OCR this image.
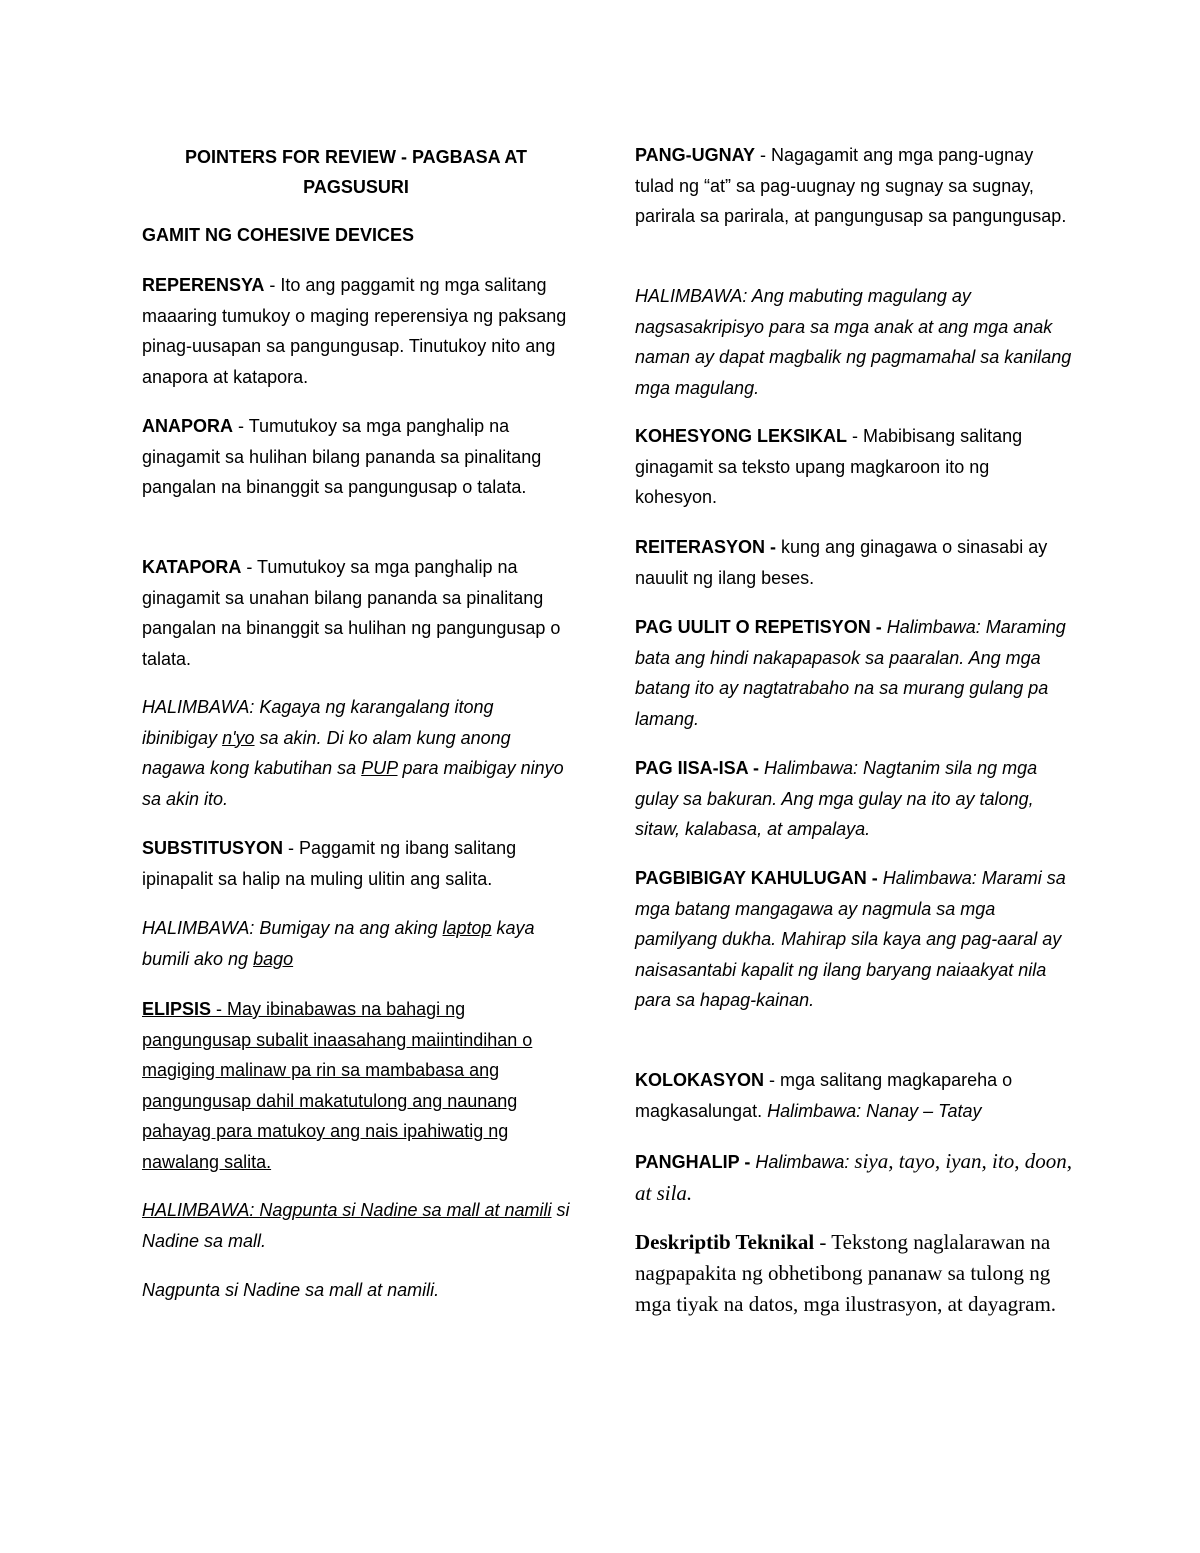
POINTERS FOR REVIEW - PAGBASA AT PAGSUSURI

GAMIT NG COHESIVE DEVICES

REPERENSYA - Ito ang paggamit ng mga salitang maaaring tumukoy o maging reperensiya ng paksang pinag-uusapan sa pangungusap. Tinutukoy nito ang anapora at katapora.

ANAPORA - Tumutukoy sa mga panghalip na ginagamit sa hulihan bilang pananda sa pinalitang pangalan na binanggit sa pangungusap o talata.

KATAPORA - Tumutukoy sa mga panghalip na ginagamit sa unahan bilang pananda sa pinalitang pangalan na binanggit sa hulihan ng pangungusap o talata.

HALIMBAWA: Kagaya ng karangalang itong ibinibigay n'yo sa akin. Di ko alam kung anong nagawa kong kabutihan sa PUP para maibigay ninyo sa akin ito.

SUBSTITUSYON - Paggamit ng ibang salitang ipinapalit sa halip na muling ulitin ang salita.

HALIMBAWA: Bumigay na ang aking laptop kaya bumili ako ng bago

ELIPSIS - May ibinabawas na bahagi ng pangungusap subalit inaasahang maiintindihan o magiging malinaw pa rin sa mambabasa ang pangungusap dahil makatutulong ang naunang pahayag para matukoy ang nais ipahiwatig ng nawalang salita.

HALIMBAWA: Nagpunta si Nadine sa mall at namili si Nadine sa mall.

Nagpunta si Nadine sa mall at namili.

PANG-UGNAY - Nagagamit ang mga pang-ugnay tulad ng “at” sa pag-uugnay ng sugnay sa sugnay, parirala sa parirala, at pangungusap sa pangungusap.

HALIMBAWA: Ang mabuting magulang ay nagsasakripisyo para sa mga anak at ang mga anak naman ay dapat magbalik ng pagmamahal sa kanilang mga magulang.

KOHESYONG LEKSIKAL - Mabibisang salitang ginagamit sa teksto upang magkaroon ito ng kohesyon.

REITERASYON - kung ang ginagawa o sinasabi ay nauulit ng ilang beses.

PAG UULIT O REPETISYON - Halimbawa: Maraming bata ang hindi nakapapasok sa paaralan. Ang mga batang ito ay nagtatrabaho na sa murang gulang pa lamang.

PAG IISA-ISA - Halimbawa: Nagtanim sila ng mga gulay sa bakuran. Ang mga gulay na ito ay talong, sitaw, kalabasa, at ampalaya.

PAGBIBIGAY KAHULUGAN - Halimbawa: Marami sa mga batang mangagawa ay nagmula sa mga pamilyang dukha. Mahirap sila kaya ang pag-aaral ay naisasantabi kapalit ng ilang baryang naiaakyat nila para sa hapag-kainan.

KOLOKASYON - mga salitang magkapareha o magkasalungat. Halimbawa: Nanay – Tatay

PANGHALIP - Halimbawa: siya, tayo, iyan, ito, doon, at sila.

Deskriptib Teknikal - Tekstong naglalarawan na nagpapakita ng obhetibong pananaw sa tulong ng mga tiyak na datos, mga ilustrasyon, at dayagram.
